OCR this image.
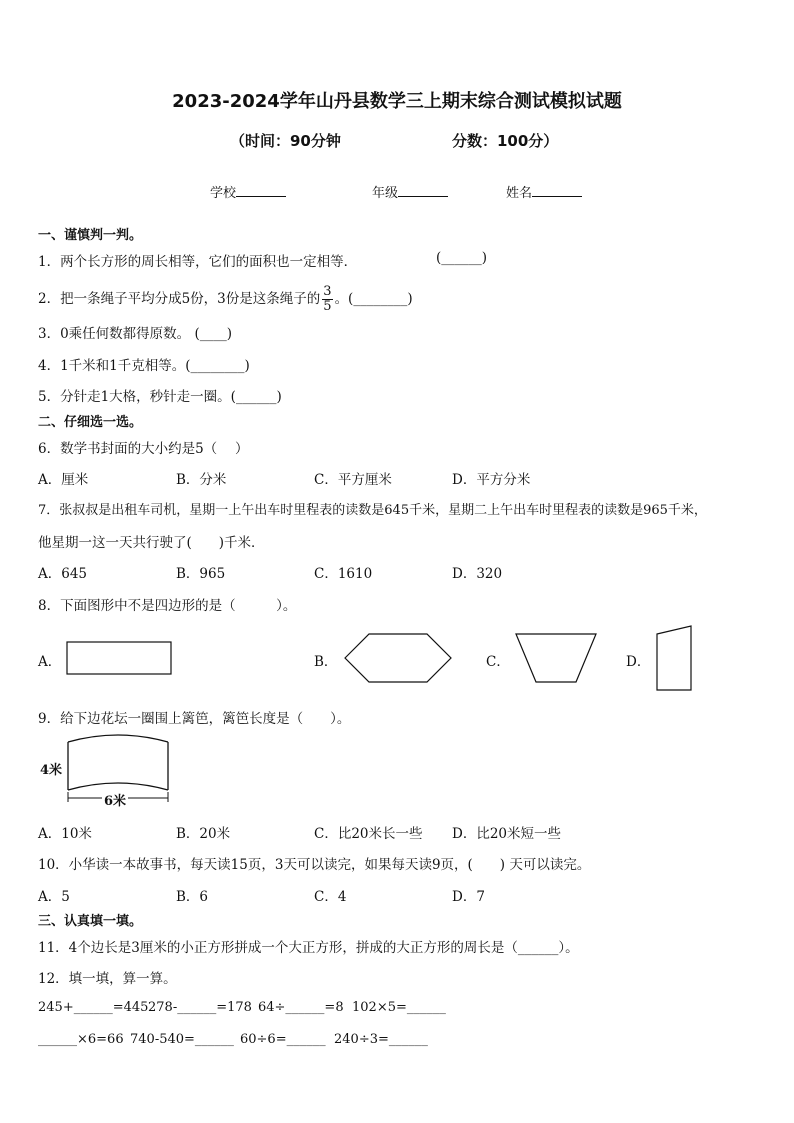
2023-2024学年山丹县数学三上期末综合测试模拟试题
（时间：90分钟	分数：100分）
学校	年级	姓名
一、谨慎判一判。
1．两个长方形的周长相等，它们的面积也一定相等．	(______)
2．把一条绳子平均分成5份，3份是这条绳子的 $\frac{3}{5}$ 。(________)
3．0乘任何数都得原数。 (____)
4．1千米和1千克相等。(________)
5．分针走1大格，秒针走一圈。(______)
二、仔细选一选。
6．数学书封面的大小约是5（　 ）
A．厘米	B．分米	C．平方厘米	D．平方分米
7．张叔叔是出租车司机，星期一上午出车时里程表的读数是645千米，星期二上午出车时里程表的读数是965千米，
他星期一这一天共行驶了(　　)千米．
A．645	B．965	C．1610	D．320
8．下面图形中不是四边形的是（　　　）。
A．	B．	C．	D．
9．给下边花坛一圈围上篱笆，篱笆长度是（　　）。
4米
6米
A．10米	B．20米	C．比20米长一些 D．比20米短一些
10．小华读一本故事书，每天读15页，3天可以读完，如果每天读9页，(　　) 天可以读完。
A．5	B．6	C．4	D．7
三、认真填一填。
11．4个边长是3厘米的小正方形拼成一个大正方形，拼成的大正方形的周长是（______）。
12．填一填，算一算。
245+______=445 278-______=178 64÷______=8 102×5=______
______×6=66 740-540=______ 60÷6=______ 240÷3=______
